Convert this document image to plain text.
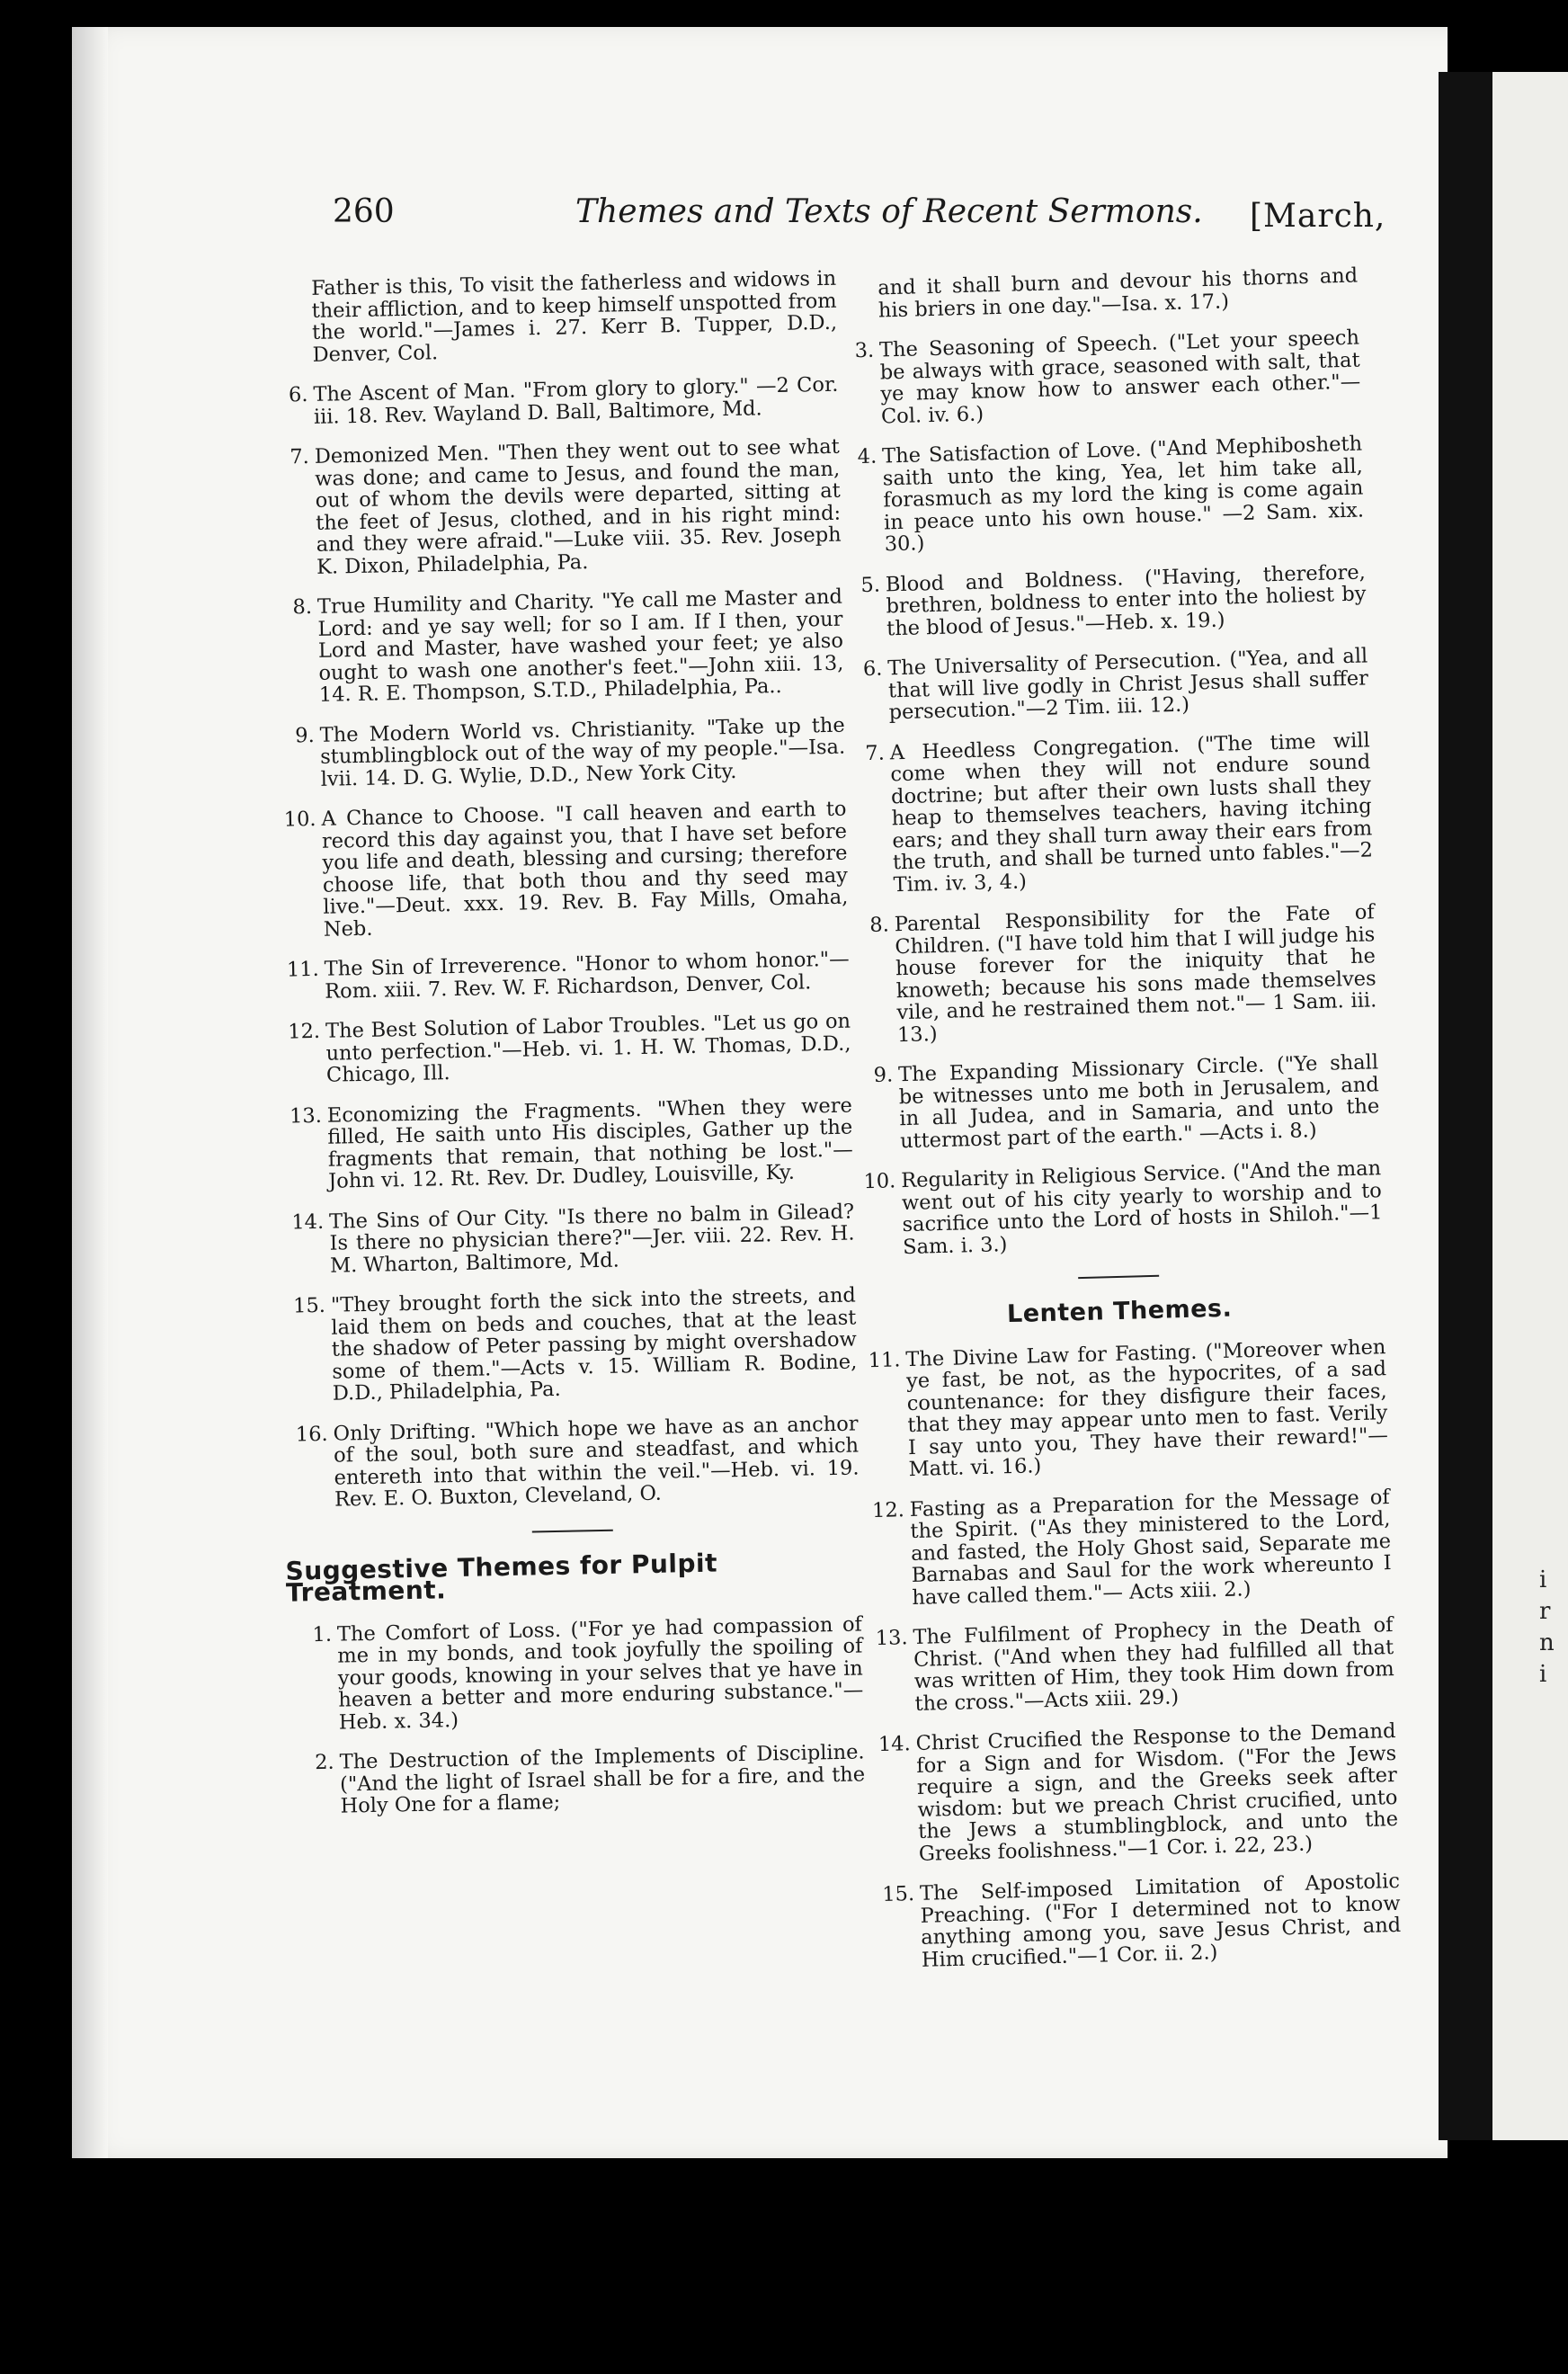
i
r
n
i
260	Themes and Texts of Recent Sermons. [March,
Father is this, To visit the fatherless and widows in their affliction, and to keep himself unspotted from the world."—James i. 27. Kerr B. Tupper, D.D., Denver, Col.
6. The Ascent of Man. "From glory to glory." —2 Cor. iii. 18. Rev. Wayland D. Ball, Baltimore, Md.
7. Demonized Men. "Then they went out to see what was done; and came to Jesus, and found the man, out of whom the devils were departed, sitting at the feet of Jesus, clothed, and in his right mind: and they were afraid."—Luke viii. 35. Rev. Joseph K. Dixon, Philadelphia, Pa.
8. True Humility and Charity. "Ye call me Master and Lord: and ye say well; for so I am. If I then, your Lord and Master, have washed your feet; ye also ought to wash one another's feet."—John xiii. 13, 14. R. E. Thompson, S.T.D., Philadelphia, Pa..
9. The Modern World vs. Christianity. "Take up the stumblingblock out of the way of my people."—Isa. lvii. 14. D. G. Wylie, D.D., New York City.
10. A Chance to Choose. "I call heaven and earth to record this day against you, that I have set before you life and death, blessing and cursing; therefore choose life, that both thou and thy seed may live."—Deut. xxx. 19. Rev. B. Fay Mills, Omaha, Neb.
11. The Sin of Irreverence. "Honor to whom honor."—Rom. xiii. 7. Rev. W. F. Richardson, Denver, Col.
12. The Best Solution of Labor Troubles. "Let us go on unto perfection."—Heb. vi. 1. H. W. Thomas, D.D., Chicago, Ill.
13. Economizing the Fragments. "When they were filled, He saith unto His disciples, Gather up the fragments that remain, that nothing be lost."—John vi. 12. Rt. Rev. Dr. Dudley, Louisville, Ky.
14. The Sins of Our City. "Is there no balm in Gilead? Is there no physician there?"—Jer. viii. 22. Rev. H. M. Wharton, Baltimore, Md.
15. "They brought forth the sick into the streets, and laid them on beds and couches, that at the least the shadow of Peter passing by might overshadow some of them."—Acts v. 15. William R. Bodine, D.D., Philadelphia, Pa.
16. Only Drifting. "Which hope we have as an anchor of the soul, both sure and steadfast, and which entereth into that within the veil."—Heb. vi. 19. Rev. E. O. Buxton, Cleveland, O.
Suggestive Themes for Pulpit Treatment.
1. The Comfort of Loss. ("For ye had compassion of me in my bonds, and took joyfully the spoiling of your goods, knowing in your selves that ye have in heaven a better and more enduring substance."—Heb. x. 34.)
2. The Destruction of the Implements of Discipline. ("And the light of Israel shall be for a fire, and the Holy One for a flame;
and it shall burn and devour his thorns and his briers in one day."—Isa. x. 17.)
3. The Seasoning of Speech. ("Let your speech be always with grace, seasoned with salt, that ye may know how to answer each other."—Col. iv. 6.)
4. The Satisfaction of Love. ("And Mephibosheth saith unto the king, Yea, let him take all, forasmuch as my lord the king is come again in peace unto his own house." —2 Sam. xix. 30.)
5. Blood and Boldness. ("Having, therefore, brethren, boldness to enter into the holiest by the blood of Jesus."—Heb. x. 19.)
6. The Universality of Persecution. ("Yea, and all that will live godly in Christ Jesus shall suffer persecution."—2 Tim. iii. 12.)
7. A Heedless Congregation. ("The time will come when they will not endure sound doctrine; but after their own lusts shall they heap to themselves teachers, having itching ears; and they shall turn away their ears from the truth, and shall be turned unto fables."—2 Tim. iv. 3, 4.)
8. Parental Responsibility for the Fate of Children. ("I have told him that I will judge his house forever for the iniquity that he knoweth; because his sons made themselves vile, and he restrained them not."— 1 Sam. iii. 13.)
9. The Expanding Missionary Circle. ("Ye shall be witnesses unto me both in Jerusalem, and in all Judea, and in Samaria, and unto the uttermost part of the earth." —Acts i. 8.)
10. Regularity in Religious Service. ("And the man went out of his city yearly to worship and to sacrifice unto the Lord of hosts in Shiloh."—1 Sam. i. 3.)
Lenten Themes.
11. The Divine Law for Fasting. ("Moreover when ye fast, be not, as the hypocrites, of a sad countenance: for they disfigure their faces, that they may appear unto men to fast. Verily I say unto you, They have their reward!"—Matt. vi. 16.)
12. Fasting as a Preparation for the Message of the Spirit. ("As they ministered to the Lord, and fasted, the Holy Ghost said, Separate me Barnabas and Saul for the work whereunto I have called them."— Acts xiii. 2.)
13. The Fulfilment of Prophecy in the Death of Christ. ("And when they had fulfilled all that was written of Him, they took Him down from the cross."—Acts xiii. 29.)
14. Christ Crucified the Response to the Demand for a Sign and for Wisdom. ("For the Jews require a sign, and the Greeks seek after wisdom: but we preach Christ crucified, unto the Jews a stumblingblock, and unto the Greeks foolishness."—1 Cor. i. 22, 23.)
15. The Self-imposed Limitation of Apostolic Preaching. ("For I determined not to know anything among you, save Jesus Christ, and Him crucified."—1 Cor. ii. 2.)
